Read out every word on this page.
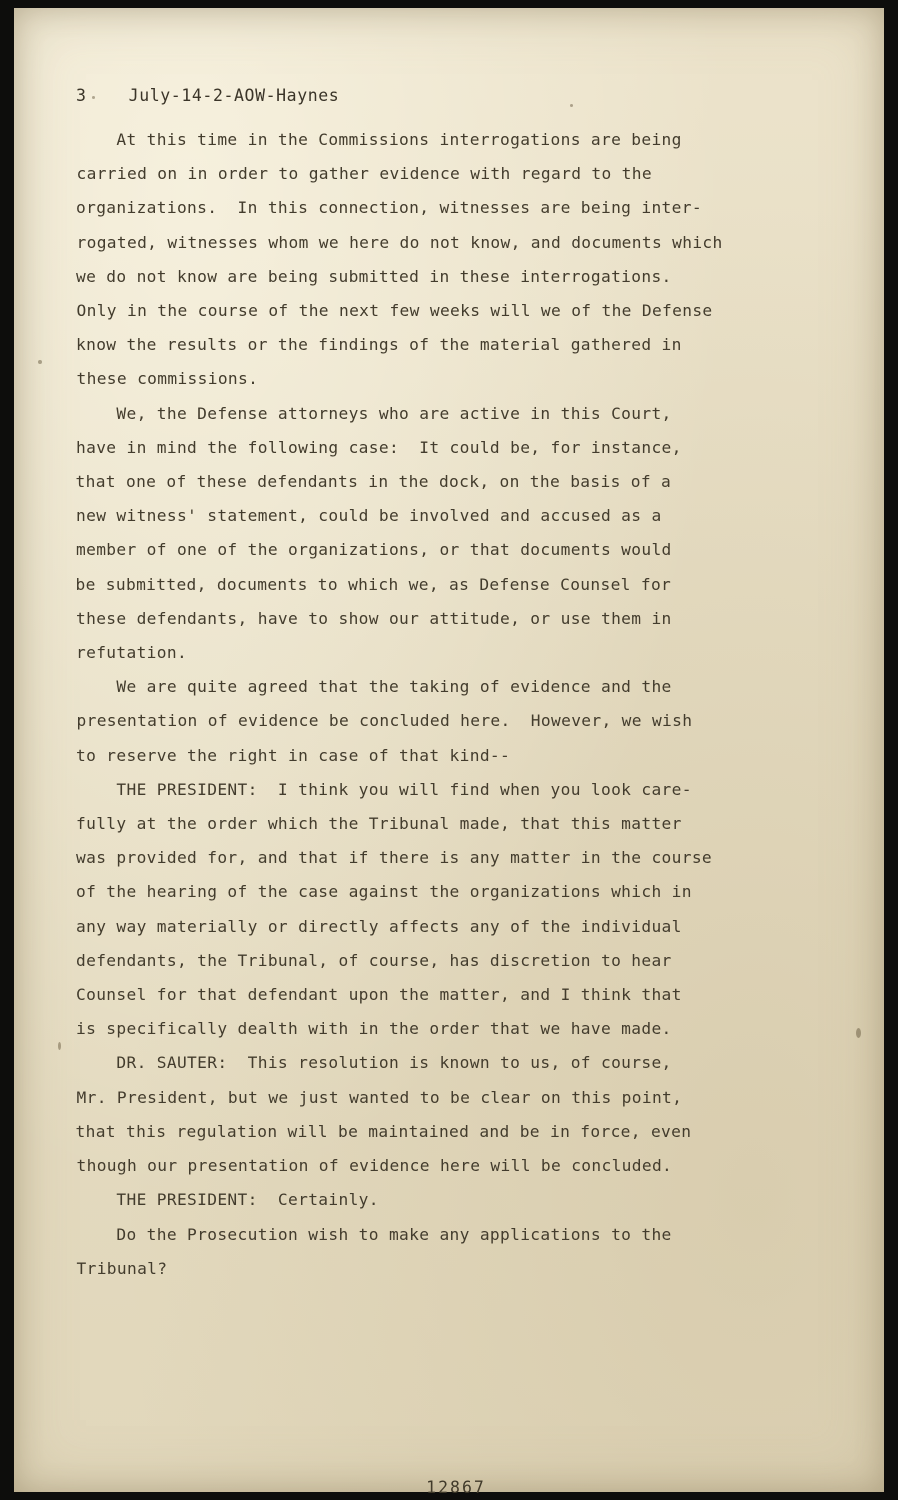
3    July-14-2-AOW-Haynes
At this time in the Commissions interrogations are being
carried on in order to gather evidence with regard to the
organizations.  In this connection, witnesses are being inter-
rogated, witnesses whom we here do not know, and documents which
we do not know are being submitted in these interrogations.
Only in the course of the next few weeks will we of the Defense
know the results or the findings of the material gathered in
these commissions.
We, the Defense attorneys who are active in this Court,
have in mind the following case:  It could be, for instance,
that one of these defendants in the dock, on the basis of a
new witness' statement, could be involved and accused as a
member of one of the organizations, or that documents would
be submitted, documents to which we, as Defense Counsel for
these defendants, have to show our attitude, or use them in
refutation.
We are quite agreed that the taking of evidence and the
presentation of evidence be concluded here.  However, we wish
to reserve the right in case of that kind--
THE PRESIDENT:  I think you will find when you look care-
fully at the order which the Tribunal made, that this matter
was provided for, and that if there is any matter in the course
of the hearing of the case against the organizations which in
any way materially or directly affects any of the individual
defendants, the Tribunal, of course, has discretion to hear
Counsel for that defendant upon the matter, and I think that
is specifically dealth with in the order that we have made.
DR. SAUTER:  This resolution is known to us, of course,
Mr. President, but we just wanted to be clear on this point,
that this regulation will be maintained and be in force, even
though our presentation of evidence here will be concluded.
THE PRESIDENT:  Certainly.
Do the Prosecution wish to make any applications to the
Tribunal?
12867
